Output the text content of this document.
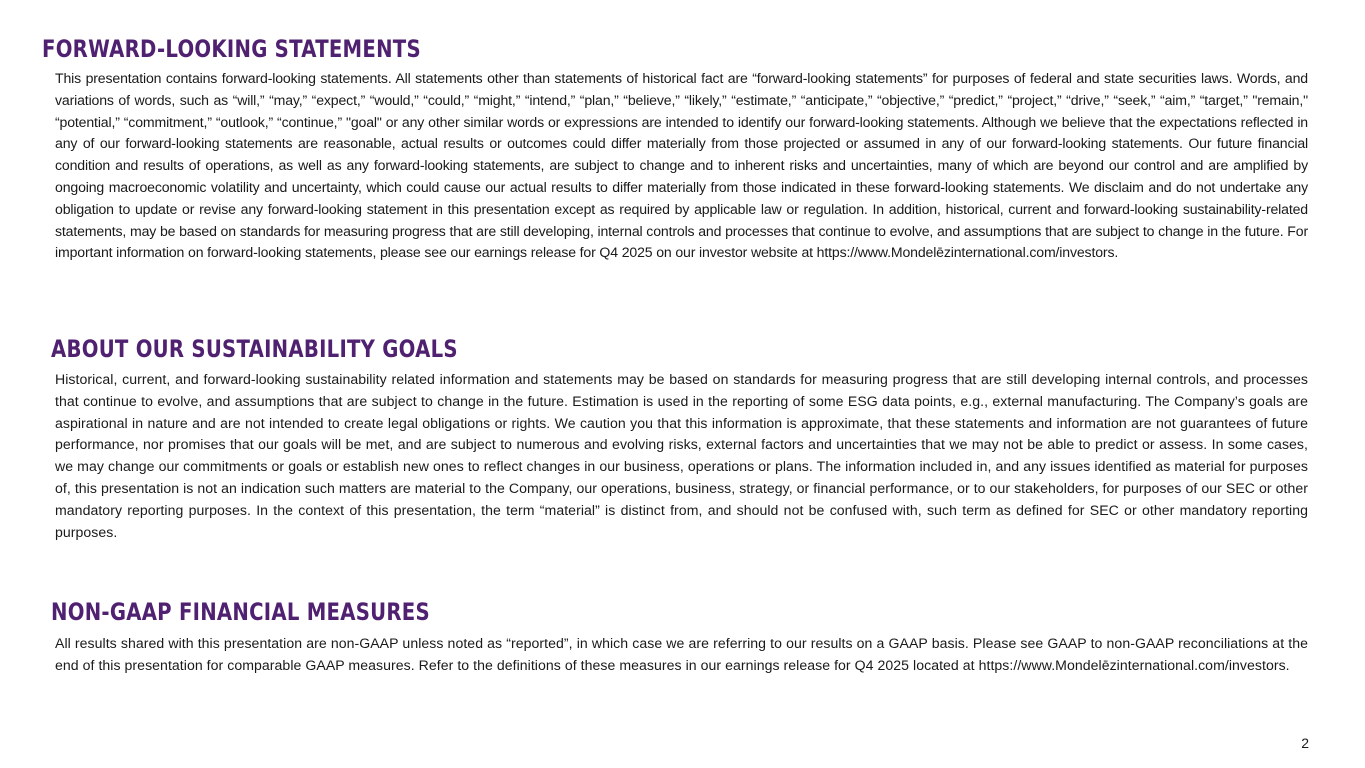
FORWARD-LOOKING STATEMENTS

This presentation contains forward-looking statements. All statements other than statements of historical fact are “forward-looking statements” for purposes of federal and state securities laws. Words, and variations of words, such as “will,” “may,” “expect,” “would,” “could,” “might,” “intend,” “plan,” “believe,” “likely,” “estimate,” “anticipate,” “objective,” “predict,” “project,” “drive,” “seek,” “aim,” “target,” "remain," “potential,” “commitment,” “outlook,” “continue,” "goal" or any other similar words or expressions are intended to identify our forward-looking statements. Although we believe that the expectations reflected in any of our forward-looking statements are reasonable, actual results or outcomes could differ materially from those projected or assumed in any of our forward-looking statements. Our future financial condition and results of operations, as well as any forward-looking statements, are subject to change and to inherent risks and uncertainties, many of which are beyond our control and are amplified by ongoing macroeconomic volatility and uncertainty, which could cause our actual results to differ materially from those indicated in these forward-looking statements. We disclaim and do not undertake any obligation to update or revise any forward-looking statement in this presentation except as required by applicable law or regulation. In addition, historical, current and forward-looking sustainability-related statements, may be based on standards for measuring progress that are still developing, internal controls and processes that continue to evolve, and assumptions that are subject to change in the future. For important information on forward-looking statements, please see our earnings release for Q4 2025 on our investor website at https://www.Mondelēzinternational.com/investors.

ABOUT OUR SUSTAINABILITY GOALS

Historical, current, and forward-looking sustainability related information and statements may be based on standards for measuring progress that are still developing internal controls, and processes that continue to evolve, and assumptions that are subject to change in the future. Estimation is used in the reporting of some ESG data points, e.g., external manufacturing. The Company’s goals are aspirational in nature and are not intended to create legal obligations or rights. We caution you that this information is approximate, that these statements and information are not guarantees of future performance, nor promises that our goals will be met, and are subject to numerous and evolving risks, external factors and uncertainties that we may not be able to predict or assess. In some cases, we may change our commitments or goals or establish new ones to reflect changes in our business, operations or plans. The information included in, and any issues identified as material for purposes of, this presentation is not an indication such matters are material to the Company, our operations, business, strategy, or financial performance, or to our stakeholders, for purposes of our SEC or other mandatory reporting purposes. In the context of this presentation, the term “material” is distinct from, and should not be confused with, such term as defined for SEC or other mandatory reporting purposes.

NON-GAAP FINANCIAL MEASURES

All results shared with this presentation are non-GAAP unless noted as “reported”, in which case we are referring to our results on a GAAP basis. Please see GAAP to non-GAAP reconciliations at the end of this presentation for comparable GAAP measures. Refer to the definitions of these measures in our earnings release for Q4 2025 located at https://www.Mondelēzinternational.com/investors.

2
